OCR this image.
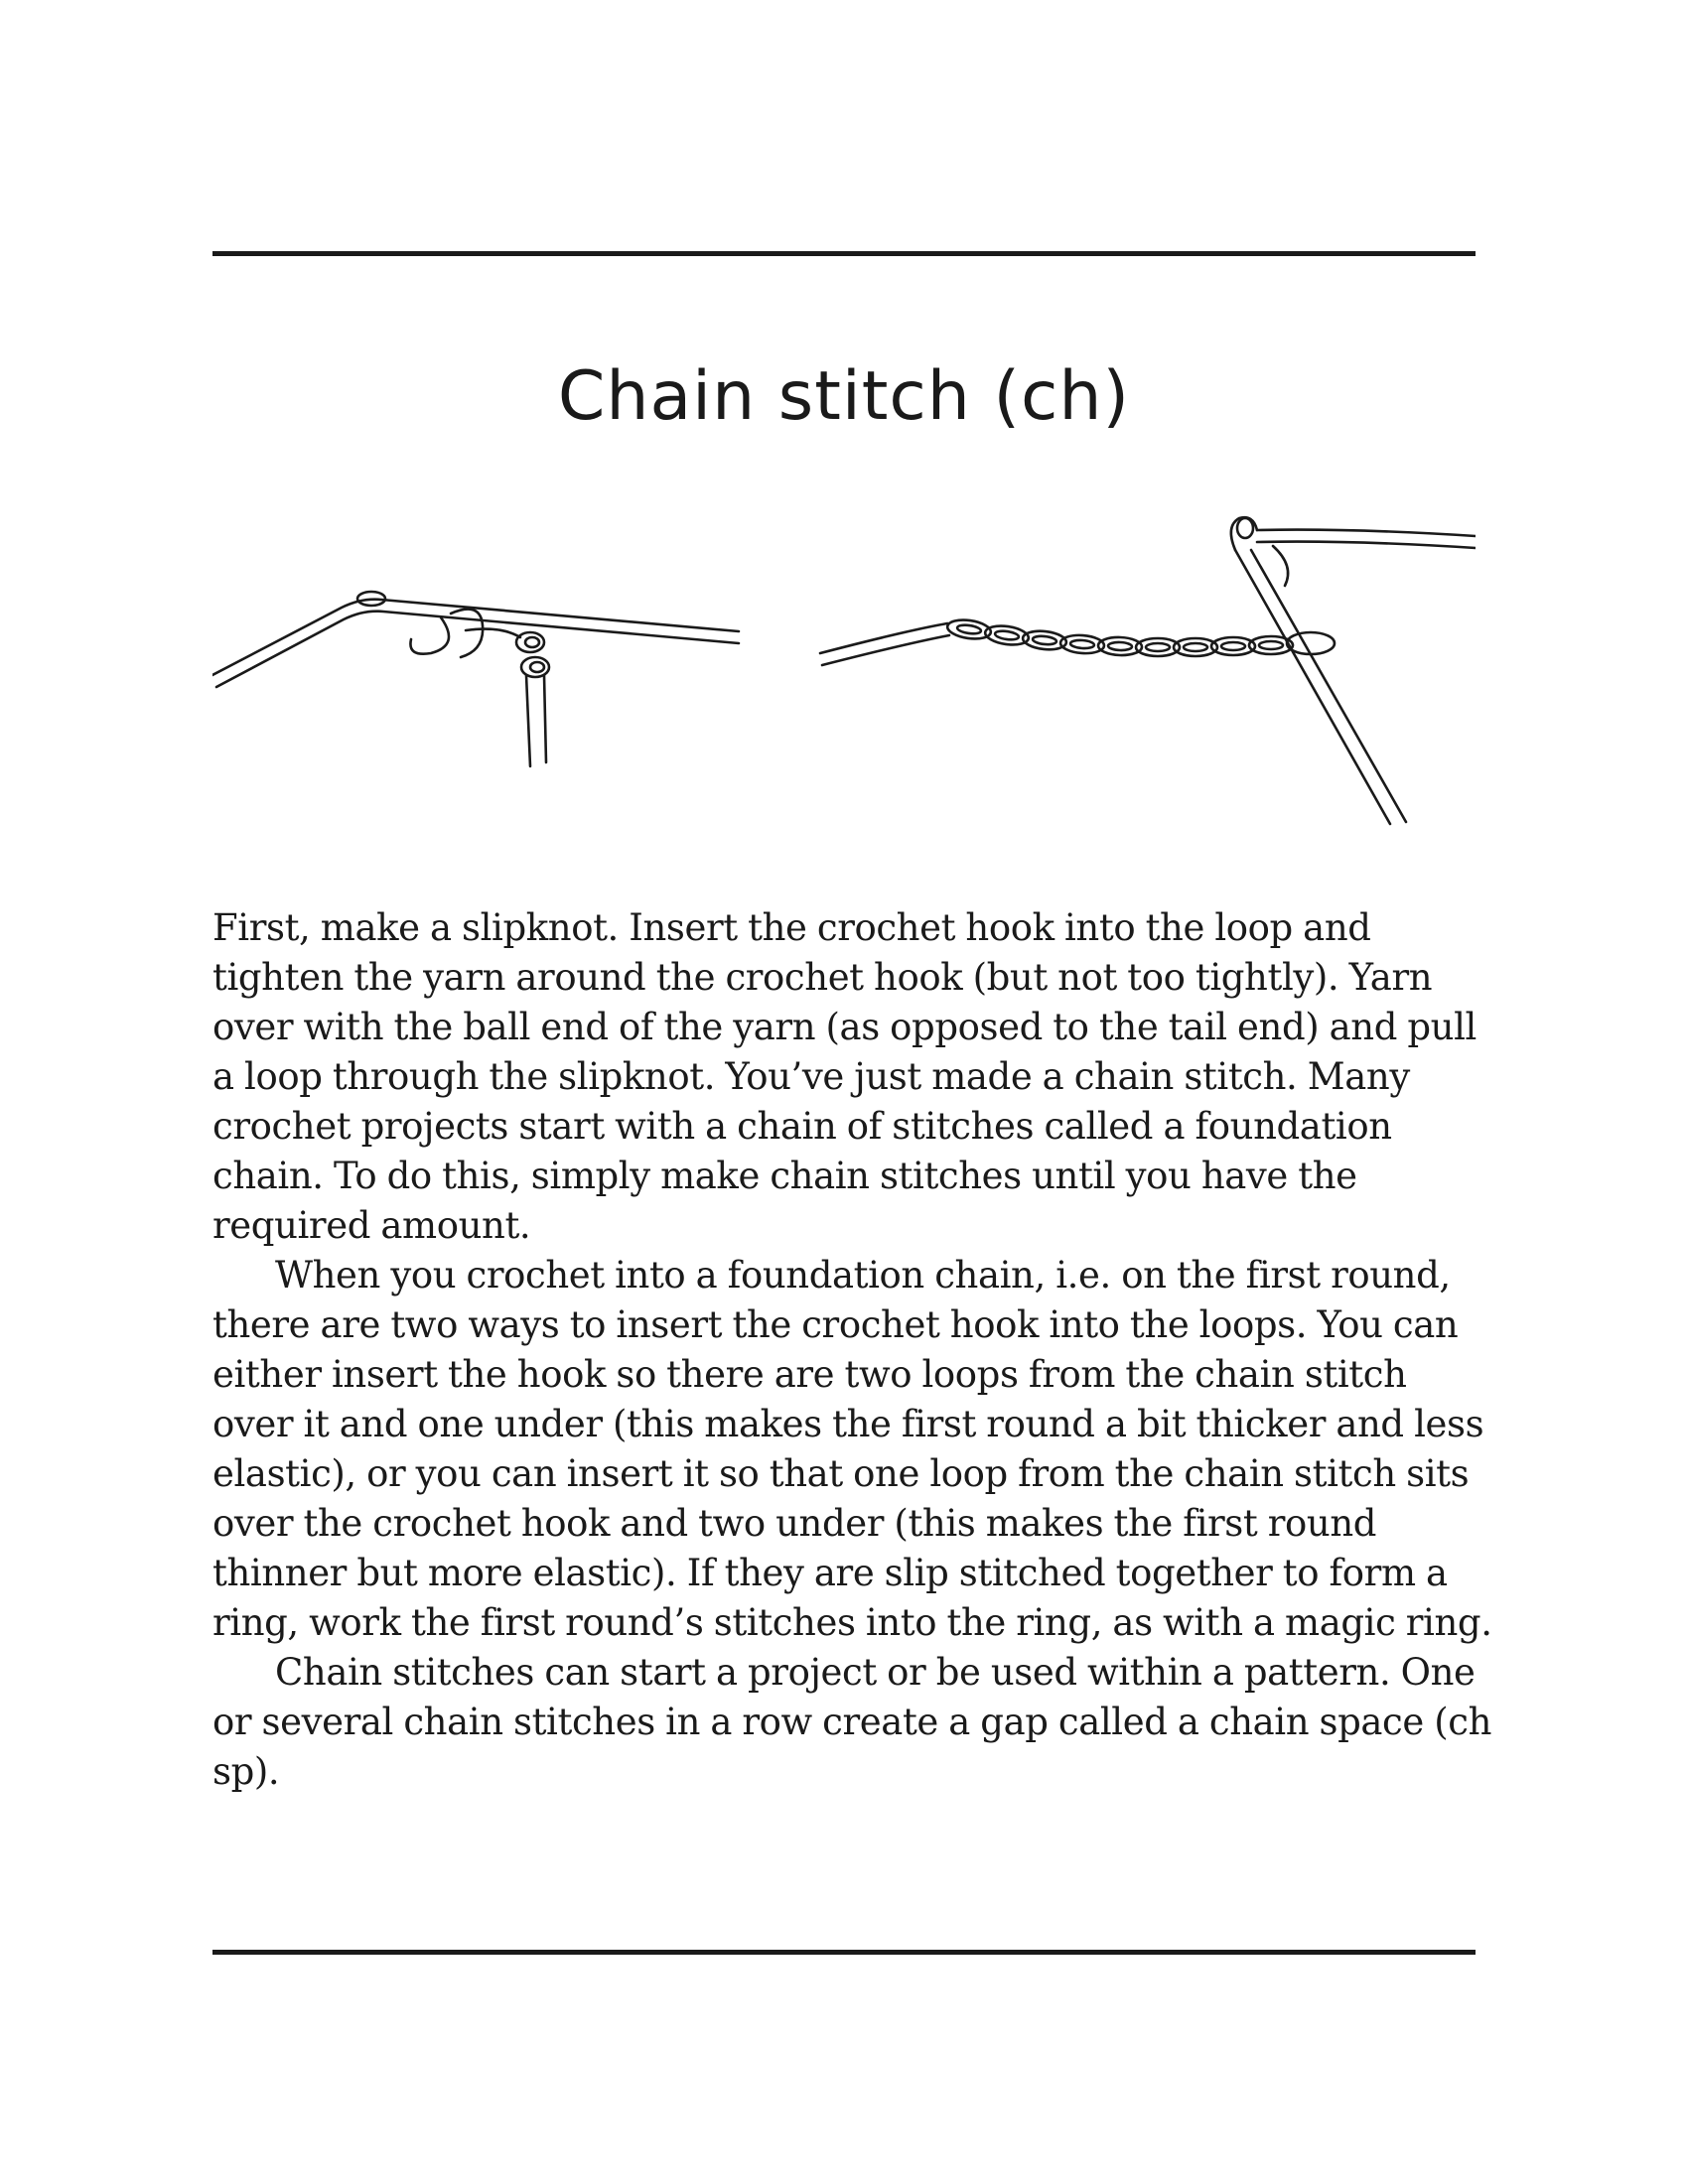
Chain stitch (ch)

First, make a slipknot. Insert the crochet hook into the loop and tighten the yarn around the crochet hook (but not too tightly). Yarn over with the ball end of the yarn (as opposed to the tail end) and pull a loop through the slipknot. You’ve just made a chain stitch. Many crochet projects start with a chain of stitches called a foundation chain. To do this, simply make chain stitches until you have the required amount.

When you crochet into a foundation chain, i.e. on the first round, there are two ways to insert the crochet hook into the loops. You can either insert the hook so there are two loops from the chain stitch over it and one under (this makes the first round a bit thicker and less elastic), or you can insert it so that one loop from the chain stitch sits over the crochet hook and two under (this makes the first round thinner but more elastic). If they are slip stitched together to form a ring, work the first round’s stitches into the ring, as with a magic ring.

Chain stitches can start a project or be used within a pattern. One or several chain stitches in a row create a gap called a chain space (ch sp).
